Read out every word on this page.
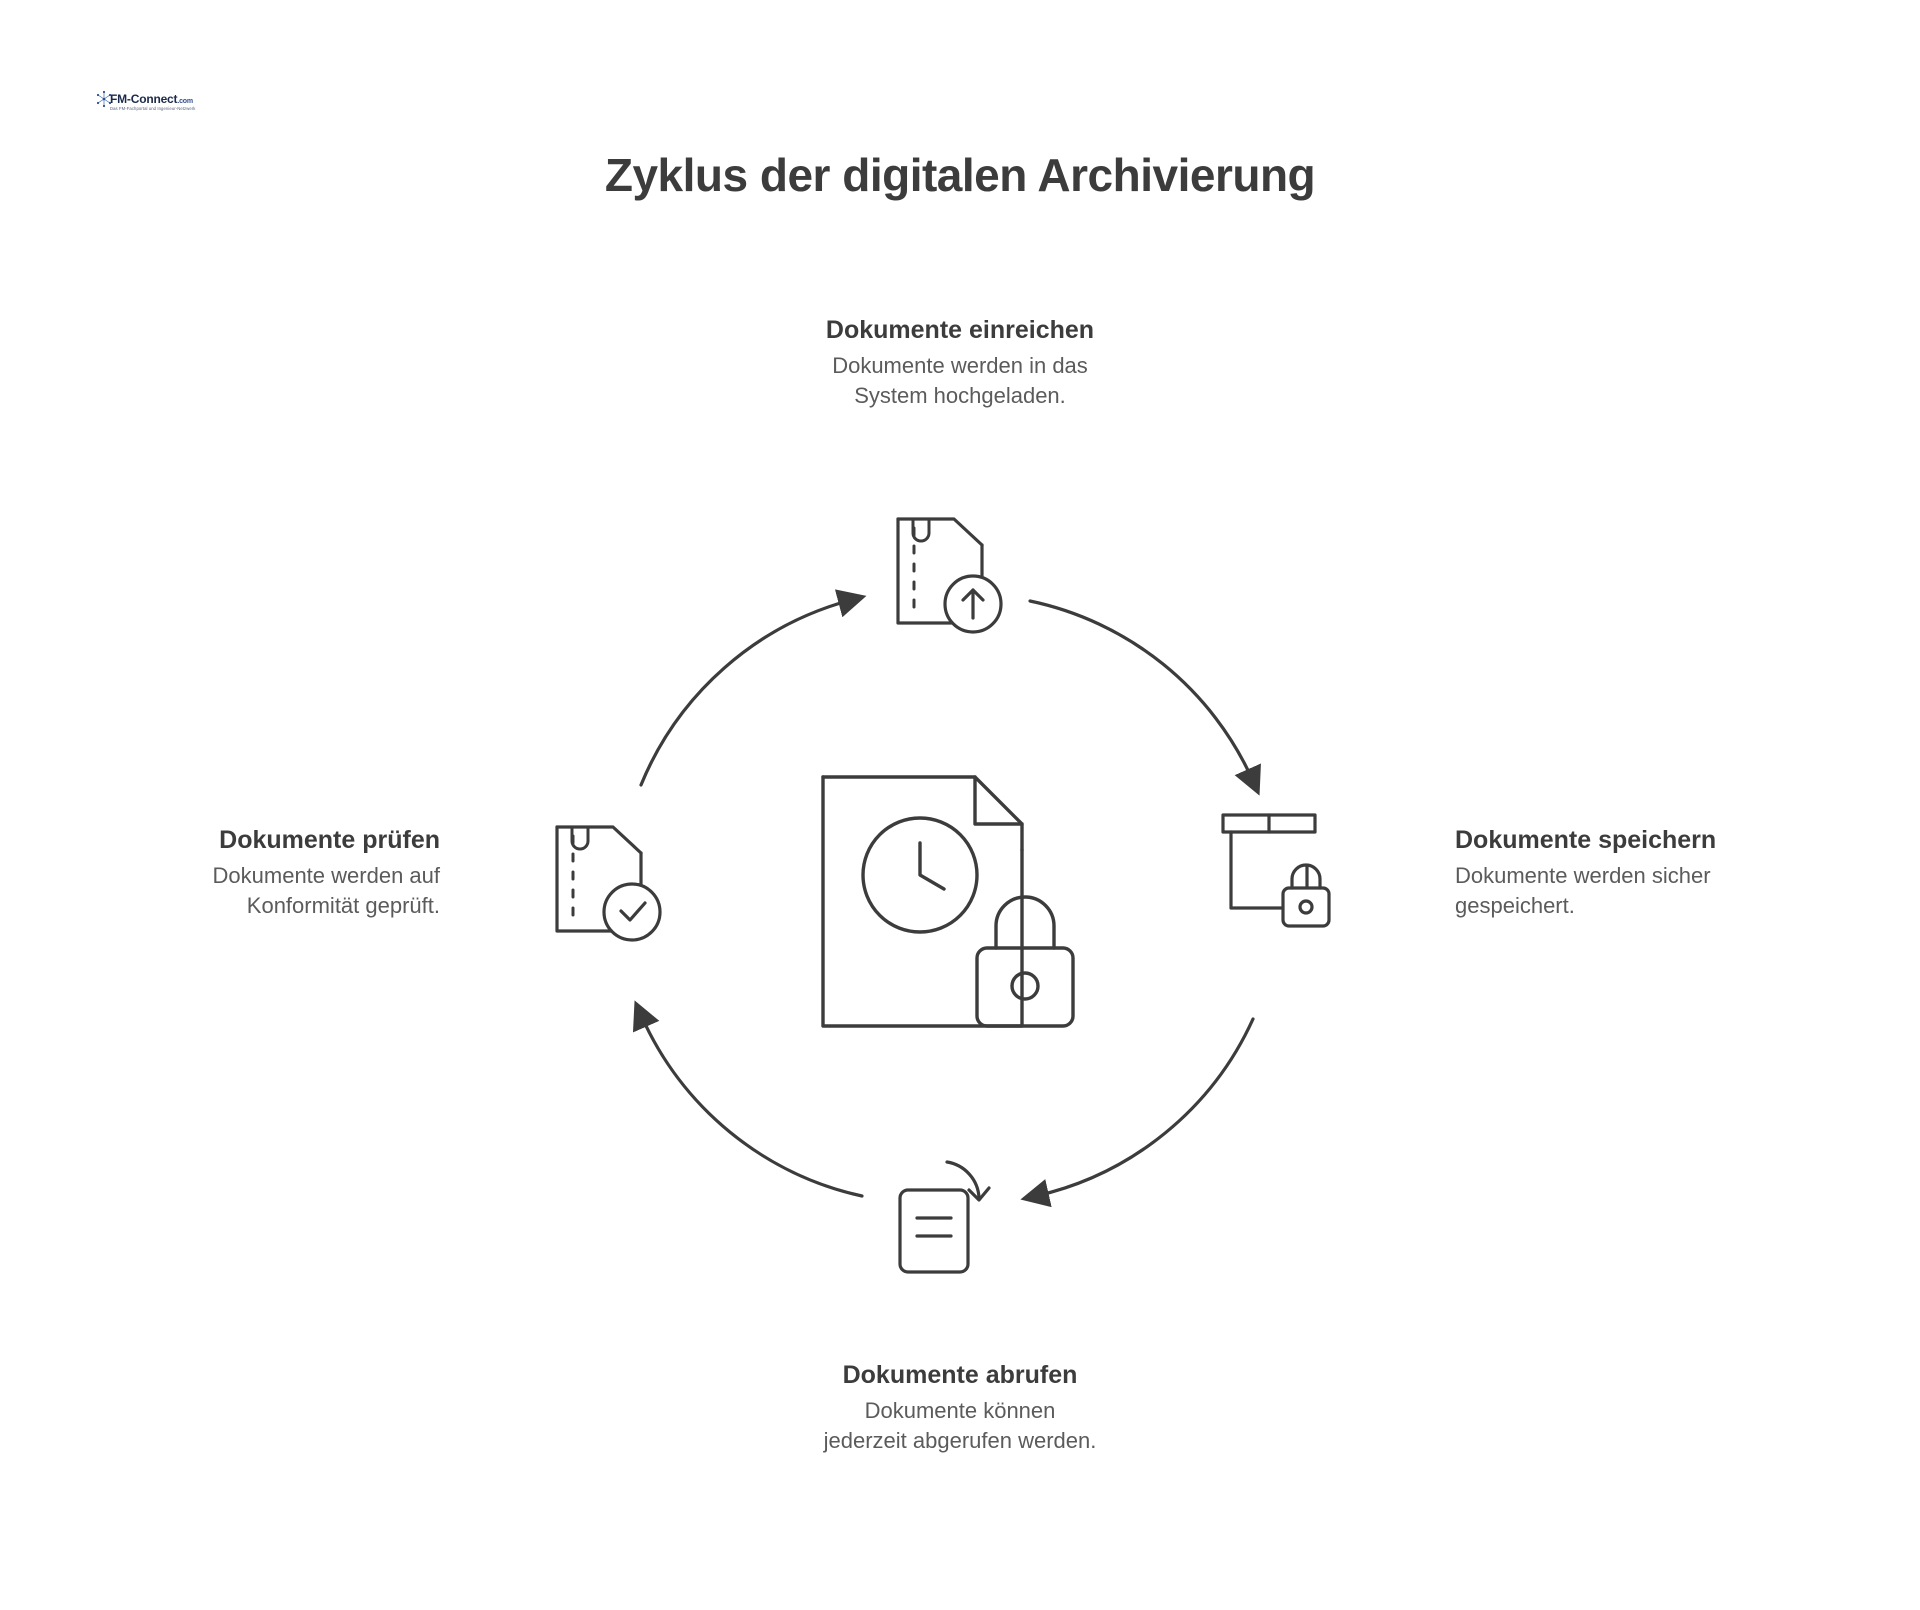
FM-Connect.com
Das FM-Fachportal und Ingenieur-Netzwerk
Zyklus der digitalen Archivierung
Dokumente einreichen
Dokumente werden in das
System hochgeladen.
Dokumente speichern
Dokumente werden sicher
gespeichert.
Dokumente abrufen
Dokumente können
jederzeit abgerufen werden.
Dokumente prüfen
Dokumente werden auf
Konformität geprüft.
